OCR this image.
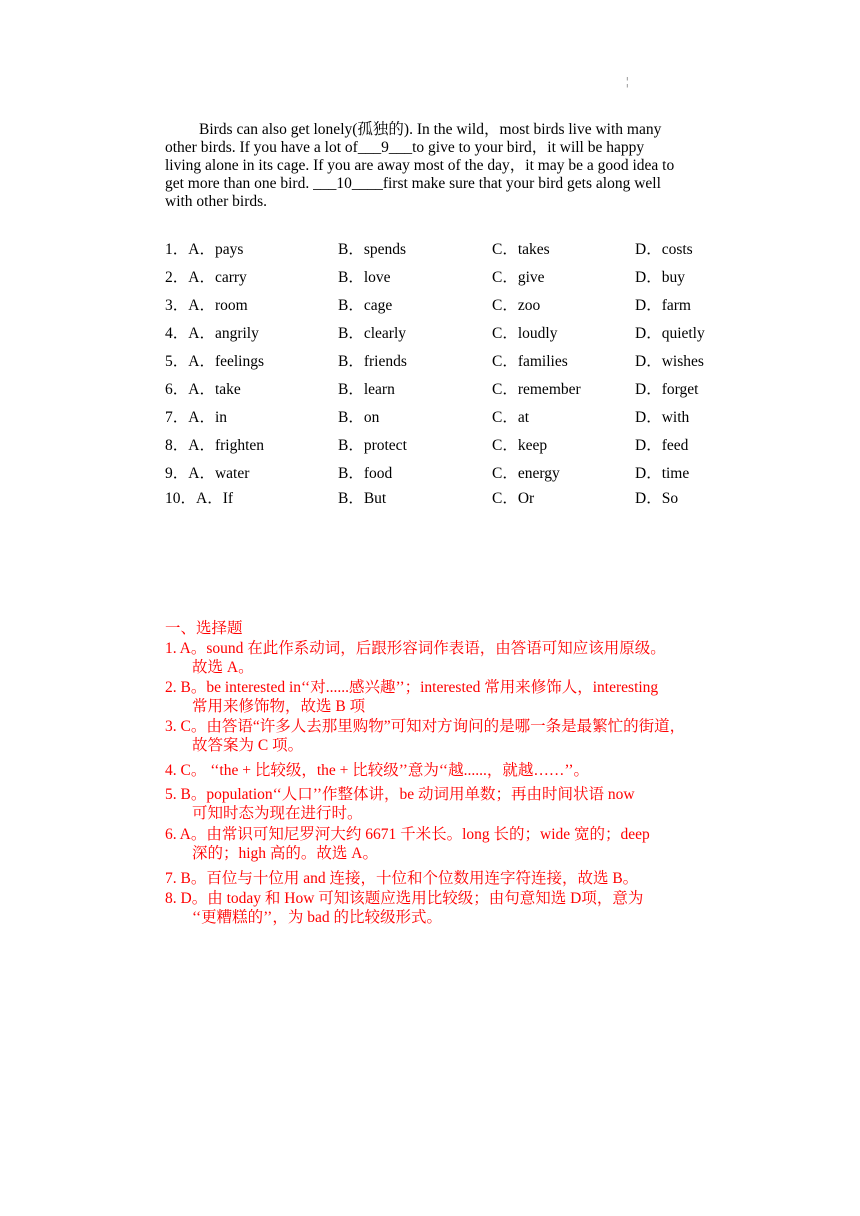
¦

Birds can also get lonely(孤独的). In the wild，most birds live with many

other birds. If you have a lot of___9___to give to your bird，it will be happy

living alone in its cage. If you are away most of the day，it may be a good idea to

get more than one bird. ___10____first make sure that your bird gets along well

with other birds.

1．A．pays	B．spends	C．takes	D．costs
2．A．carry	B．love	C．give	D．buy
3．A．room	B．cage	C．zoo	D．farm
4．A．angrily	B．clearly	C．loudly	D．quietly
5．A．feelings	B．friends	C．families	D．wishes
6．A．take	B．learn	C．remember	D．forget
7．A．in	B．on	C．at	D．with
8．A．frighten	B．protect	C．keep	D．feed
9．A．water	B．food	C．energy	D．time
10．A．If	B．But	C．Or	D．So
一、选择题
1. A。sound 在此作系动词，后跟形容词作表语，由答语可知应该用原级。
故选 A。
2. B。be interested in‘‘对......感兴趣’’；interested 常用来修饰人，interesting
常用来修饰物，故选 B 项
3. C。由答语“许多人去那里购物”可知对方询问的是哪一条是最繁忙的街道，
故答案为 C 项。
4. C。 ‘‘the + 比较级，the + 比较级’’意为‘‘越......，就越……’’。
5. B。population‘‘人口’’作整体讲，be 动词用单数；再由时间状语 now
可知时态为现在进行时。
6. A。由常识可知尼罗河大约 6671 千米长。long 长的；wide 宽的；deep
深的；high 高的。故选 A。
7. B。百位与十位用 and 连接，十位和个位数用连字符连接，故选 B。
8. D。由 today 和 How 可知该题应选用比较级；由句意知选 D项，意为
‘‘更糟糕的’’，为 bad 的比较级形式。
